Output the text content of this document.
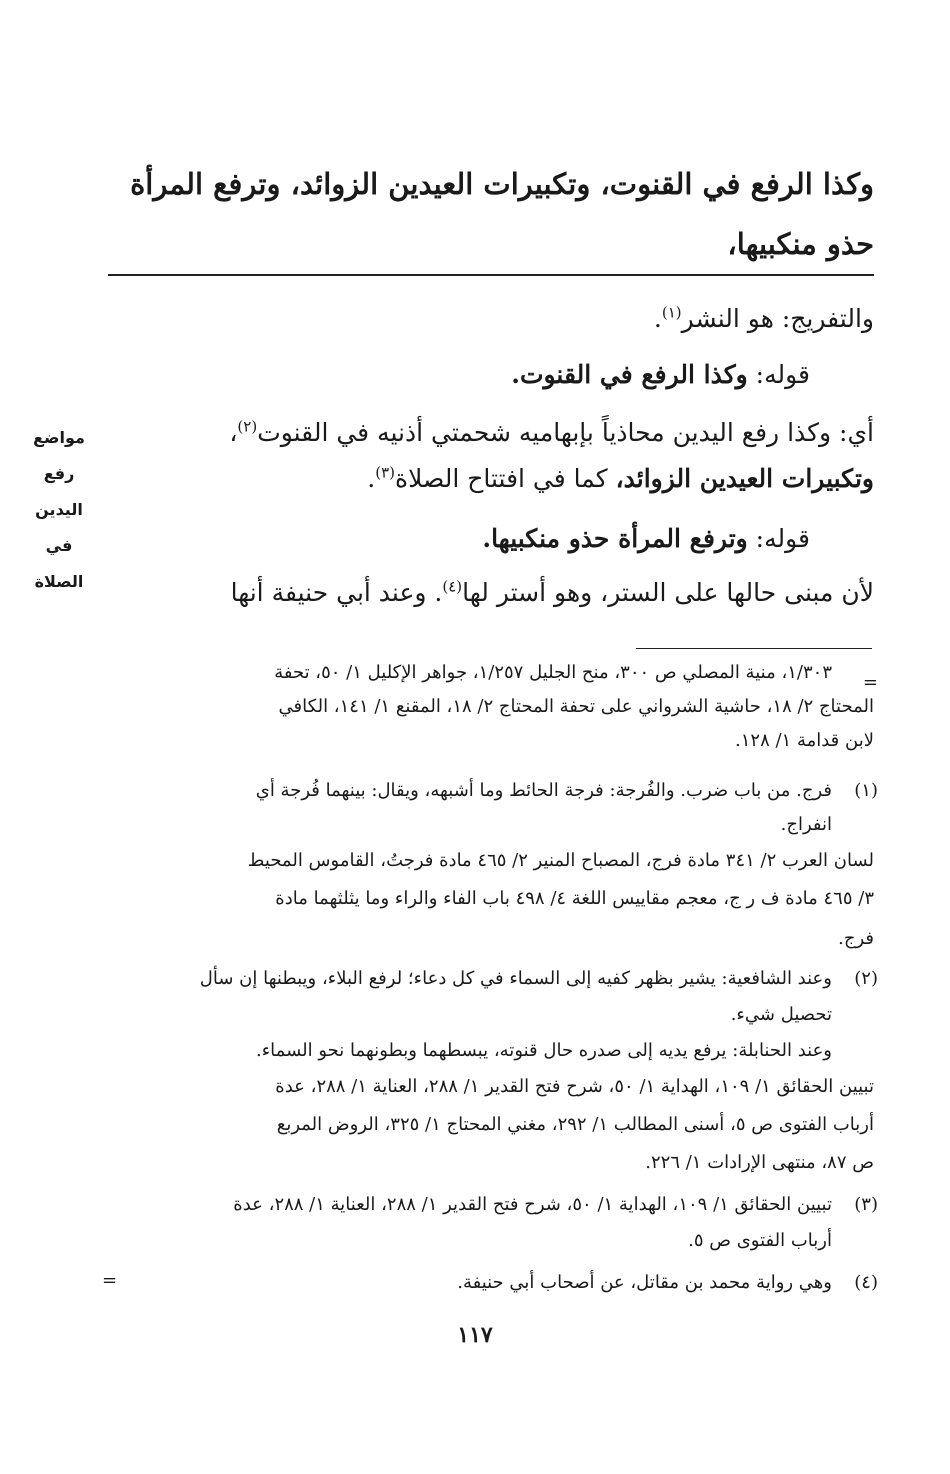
وكذا الرفع في القنوت، وتكبيرات العيدين الزوائد، وترفع المرأة
حذو منكبيها،
والتفريج: هو النشر$^{(١)}$.
قوله: وكذا الرفع في القنوت.
أي: وكذا رفع اليدين محاذياً بإبهاميه شحمتي أذنيه في القنوت$^{(٢)}$،
وتكبيرات العيدين الزوائد، كما في افتتاح الصلاة$^{(٣)}$.
قوله: وترفع المرأة حذو منكبيها.
لأن مبنى حالها على الستر، وهو أستر لها$^{(٤)}$. وعند أبي حنيفة أنها
مواضع
رفع
اليدين
في
الصلاة
=
١/٣٠٣، منية المصلي ص ٣٠٠، منح الجليل ١/٢٥٧، جواهر الإكليل ١/ ٥٠، تحفة
المحتاج ٢/ ١٨، حاشية الشرواني على تحفة المحتاج ٢/ ١٨، المقنع ١/ ١٤١، الكافي
لابن قدامة ١/ ١٢٨.
(١)
فرج. من باب ضرب. والفُرجة: فرجة الحائط وما أشبهه، ويقال: بينهما فُرجة أي
انفراج.
لسان العرب ٢/ ٣٤١ مادة فرج، المصباح المنير ٢/ ٤٦٥ مادة فرجتُ، القاموس المحيط
٣/ ٤٦٥ مادة ف ر ج، معجم مقاييس اللغة ٤/ ٤٩٨ باب الفاء والراء وما يثلثهما مادة
فرج.
(٢)
وعند الشافعية: يشير بظهر كفيه إلى السماء في كل دعاء؛ لرفع البلاء، ويبطنها إن سأل
تحصيل شيء.
وعند الحنابلة: يرفع يديه إلى صدره حال قنوته، يبسطهما وبطونهما نحو السماء.
تبيين الحقائق ١/ ١٠٩، الهداية ١/ ٥٠، شرح فتح القدير ١/ ٢٨٨، العناية ١/ ٢٨٨، عدة
أرباب الفتوى ص ٥، أسنى المطالب ١/ ٢٩٢، مغني المحتاج ١/ ٣٢٥، الروض المربع
ص ٨٧، منتهى الإرادات ١/ ٢٢٦.
(٣)
تبيين الحقائق ١/ ١٠٩، الهداية ١/ ٥٠، شرح فتح القدير ١/ ٢٨٨، العناية ١/ ٢٨٨، عدة
أرباب الفتوى ص ٥.
(٤)
وهي رواية محمد بن مقاتل، عن أصحاب أبي حنيفة.
=
١١٧
